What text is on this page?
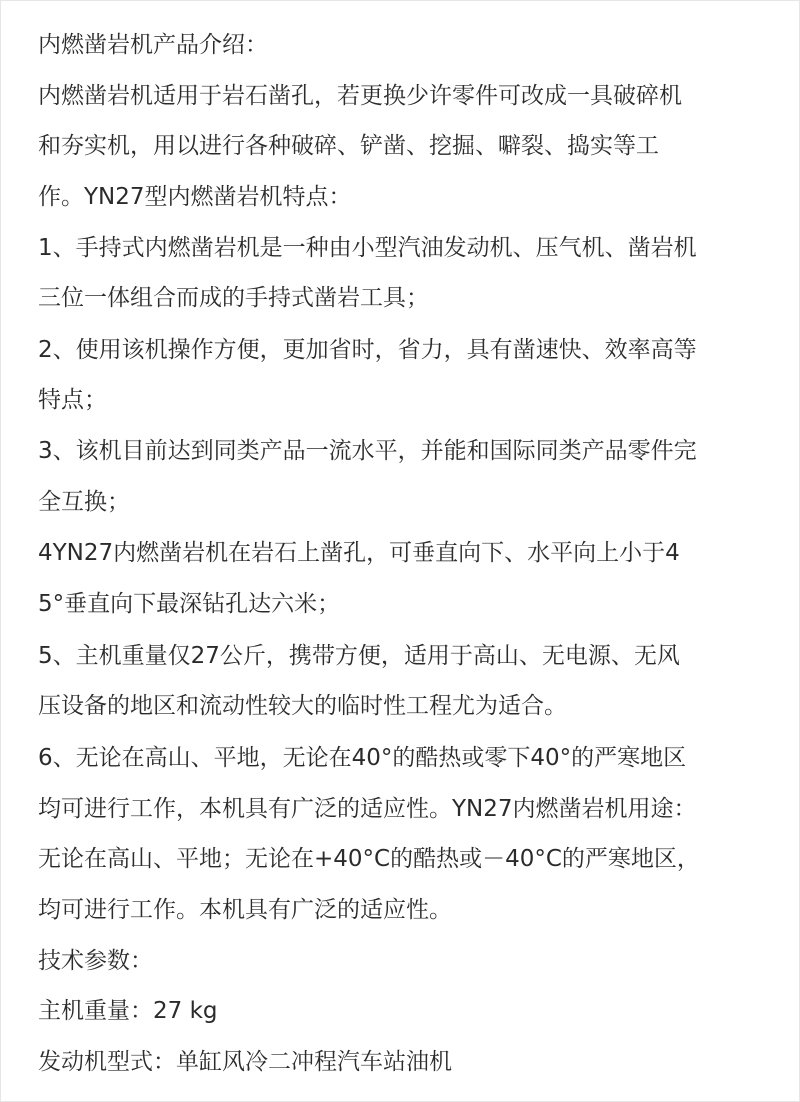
内燃凿岩机产品介绍：
内燃凿岩机适用于岩石凿孔，若更换少许零件可改成一具破碎机
和夯实机，用以进行各种破碎、铲凿、挖掘、噼裂、捣实等工
作。YN27型内燃凿岩机特点：
1、手持式内燃凿岩机是一种由小型汽油发动机、压气机、凿岩机
三位一体组合而成的手持式凿岩工具；
2、使用该机操作方便，更加省时，省力，具有凿速快、效率高等
特点；
3、该机目前达到同类产品一流水平，并能和国际同类产品零件完
全互换；
4YN27内燃凿岩机在岩石上凿孔，可垂直向下、水平向上小于4
5°垂直向下最深钻孔达六米；
5、主机重量仅27公斤，携带方便，适用于高山、无电源、无风
压设备的地区和流动性较大的临时性工程尤为适合。
6、无论在高山、平地，无论在40°的酷热或零下40°的严寒地区
均可进行工作，本机具有广泛的适应性。YN27内燃凿岩机用途：
无论在高山、平地；无论在+40°C的酷热或－40°C的严寒地区，
均可进行工作。本机具有广泛的适应性。
技术参数：
主机重量：27 kg
发动机型式：单缸风冷二冲程汽车站油机
